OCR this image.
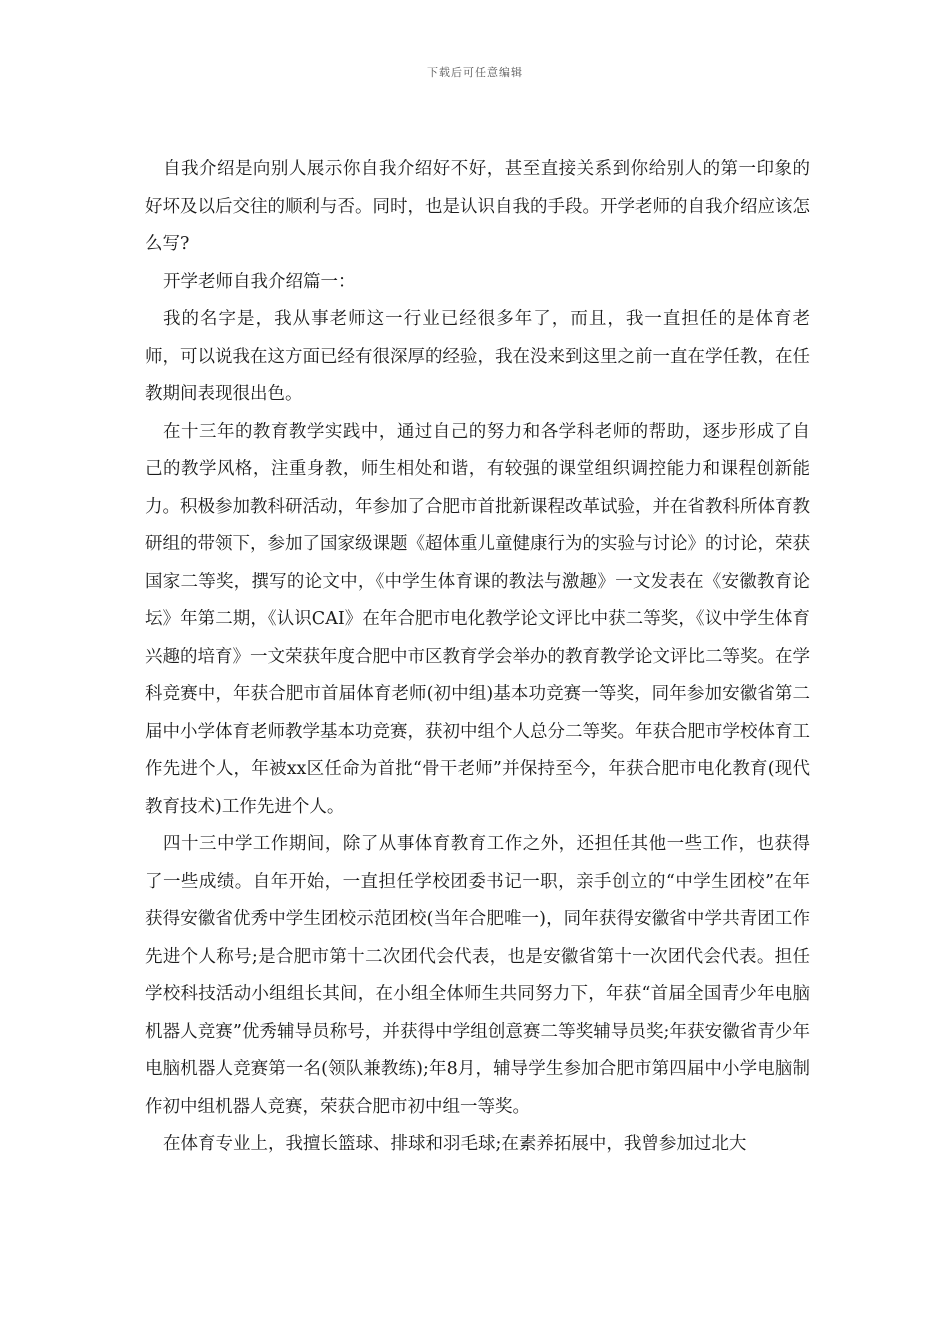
下载后可任意编辑

自我介绍是向别人展示你自我介绍好不好，甚至直接关系到你给别人的第一印象的好坏及以后交往的顺利与否。同时，也是认识自我的手段。开学老师的自我介绍应该怎么写?

开学老师自我介绍篇一：

我的名字是，我从事老师这一行业已经很多年了，而且，我一直担任的是体育老师，可以说我在这方面已经有很深厚的经验，我在没来到这里之前一直在学任教，在任教期间表现很出色。

在十三年的教育教学实践中，通过自己的努力和各学科老师的帮助，逐步形成了自己的教学风格，注重身教，师生相处和谐，有较强的课堂组织调控能力和课程创新能力。积极参加教科研活动，年参加了合肥市首批新课程改革试验，并在省教科所体育教研组的带领下，参加了国家级课题《超体重儿童健康行为的实验与讨论》的讨论，荣获国家二等奖，撰写的论文中，《中学生体育课的教法与激趣》一文发表在《安徽教育论坛》年第二期，《认识CAI》在年合肥市电化教学论文评比中获二等奖，《议中学生体育兴趣的培育》一文荣获年度合肥中市区教育学会举办的教育教学论文评比二等奖。在学科竞赛中，年获合肥市首届体育老师(初中组)基本功竞赛一等奖，同年参加安徽省第二届中小学体育老师教学基本功竞赛，获初中组个人总分二等奖。年获合肥市学校体育工作先进个人，年被xx区任命为首批“骨干老师”并保持至今，年获合肥市电化教育(现代教育技术)工作先进个人。

四十三中学工作期间，除了从事体育教育工作之外，还担任其他一些工作，也获得了一些成绩。自年开始，一直担任学校团委书记一职，亲手创立的“中学生团校”在年获得安徽省优秀中学生团校示范团校(当年合肥唯一)，同年获得安徽省中学共青团工作先进个人称号;是合肥市第十二次团代会代表，也是安徽省第十一次团代会代表。担任学校科技活动小组组长其间，在小组全体师生共同努力下，年获“首届全国青少年电脑机器人竞赛”优秀辅导员称号，并获得中学组创意赛二等奖辅导员奖;年获安徽省青少年电脑机器人竞赛第一名(领队兼教练);年8月，辅导学生参加合肥市第四届中小学电脑制作初中组机器人竞赛，荣获合肥市初中组一等奖。

在体育专业上，我擅长篮球、排球和羽毛球;在素养拓展中，我曾参加过北大
